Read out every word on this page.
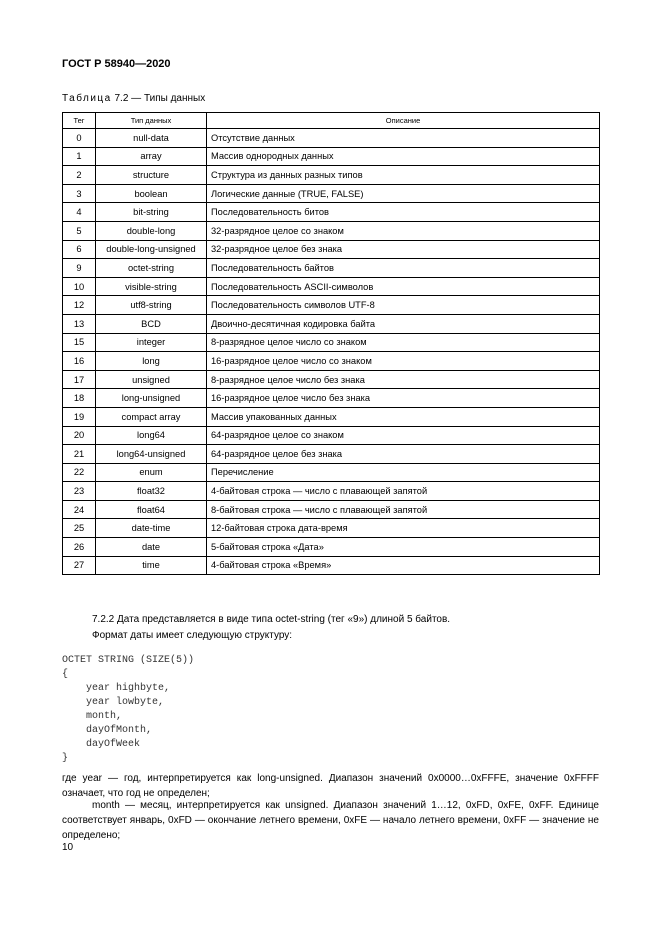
ГОСТ Р 58940—2020
Таблица 7.2 — Типы данных
Тег	Тип данных	Описание
0	null-data	Отсутствие данных
1	array	Массив однородных данных
2	structure	Структура из данных разных типов
3	boolean	Логические данные (TRUE, FALSE)
4	bit-string	Последовательность битов
5	double-long	32-разрядное целое со знаком
6	double-long-unsigned	32-разрядное целое без знака
9	octet-string	Последовательность байтов
10	visible-string	Последовательность ASCII-символов
12	utf8-string	Последовательность символов UTF-8
13	BCD	Двоично-десятичная кодировка байта
15	integer	8-разрядное целое число со знаком
16	long	16-разрядное целое число со знаком
17	unsigned	8-разрядное целое число без знака
18	long-unsigned	16-разрядное целое число без знака
19	compact array	Массив упакованных данных
20	long64	64-разрядное целое со знаком
21	long64-unsigned	64-разрядное целое без знака
22	enum	Перечисление
23	float32	4-байтовая строка — число с плавающей запятой
24	float64	8-байтовая строка — число с плавающей запятой
25	date-time	12-байтовая строка дата-время
26	date	5-байтовая строка «Дата»
27	time	4-байтовая строка «Время»
7.2.2 Дата представляется в виде типа octet-string (тег «9») длиной 5 байтов.
Формат даты имеет следующую структуру:
OCTET STRING (SIZE(5))
{
year highbyte,
year lowbyte,
month,
dayOfMonth,
dayOfWeek
}
где year — год, интерпретируется как long-unsigned. Диапазон значений 0x0000…0xFFFE, значение 0xFFFF означает, что год не определен;
month — месяц, интерпретируется как unsigned. Диапазон значений 1…12, 0xFD, 0xFE, 0xFF. Единице соответствует январь, 0xFD — окончание летнего времени, 0xFE — начало летнего времени, 0xFF — значение не определено;
10
